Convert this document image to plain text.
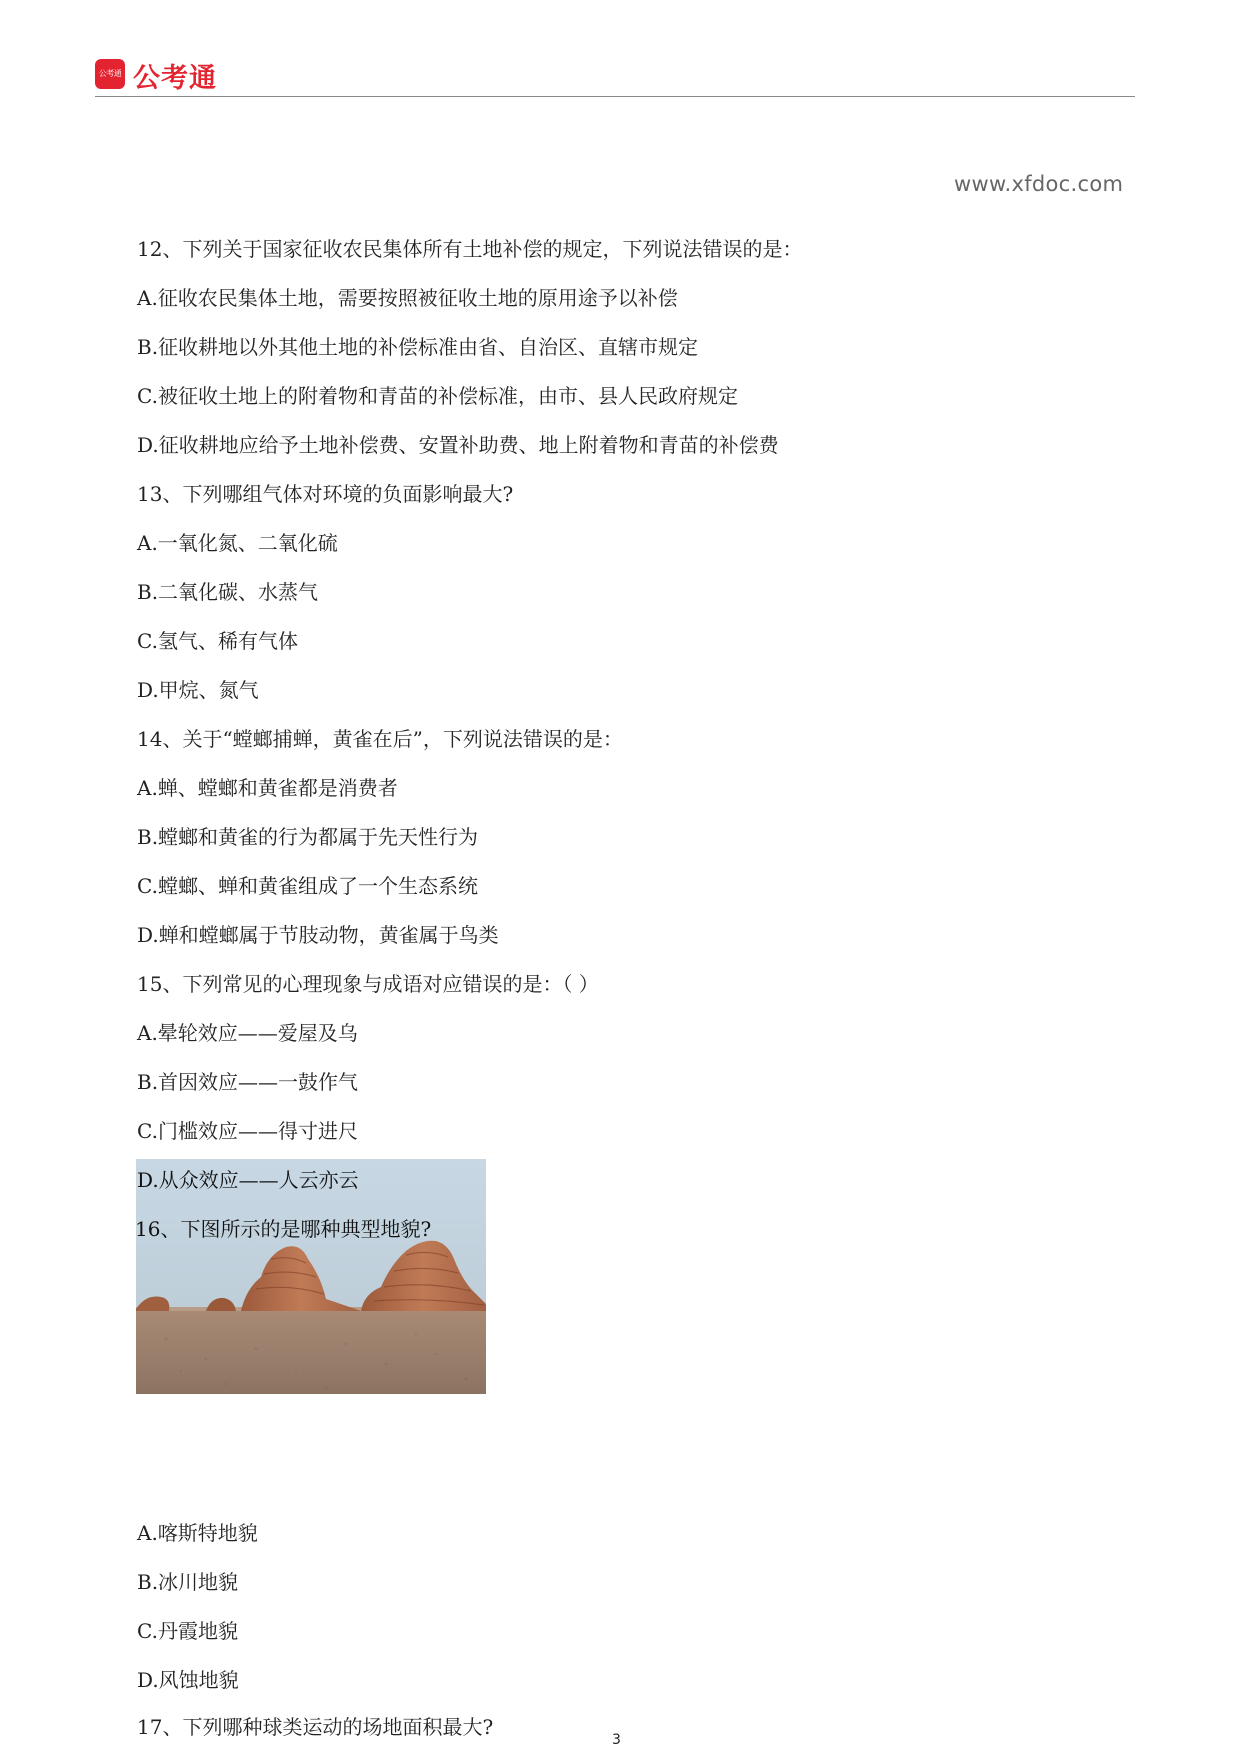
公考通 公考通
www.xfdoc.com
12、下列关于国家征收农民集体所有土地补偿的规定，下列说法错误的是：
A.征收农民集体土地，需要按照被征收土地的原用途予以补偿
B.征收耕地以外其他土地的补偿标准由省、自治区、直辖市规定
C.被征收土地上的附着物和青苗的补偿标准，由市、县人民政府规定
D.征收耕地应给予土地补偿费、安置补助费、地上附着物和青苗的补偿费
13、下列哪组气体对环境的负面影响最大?
A.一氧化氮、二氧化硫
B.二氧化碳、水蒸气
C.氢气、稀有气体
D.甲烷、氮气
14、关于“螳螂捕蝉，黄雀在后”，下列说法错误的是：
A.蝉、螳螂和黄雀都是消费者
B.螳螂和黄雀的行为都属于先天性行为
C.螳螂、蝉和黄雀组成了一个生态系统
D.蝉和螳螂属于节肢动物，黄雀属于鸟类
15、下列常见的心理现象与成语对应错误的是：（ ）
A.晕轮效应——爱屋及乌
B.首因效应——一鼓作气
C.门槛效应——得寸进尺
D.从众效应——人云亦云
16、下图所示的是哪种典型地貌?
A.喀斯特地貌
B.冰川地貌
C.丹霞地貌
D.风蚀地貌
17、下列哪种球类运动的场地面积最大?
3
